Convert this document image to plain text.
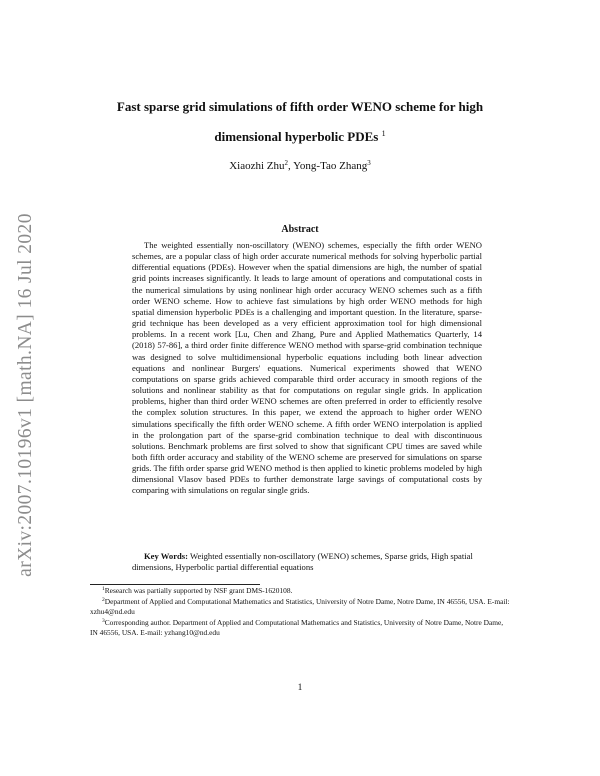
arXiv:2007.10196v1 [math.NA] 16 Jul 2020
Fast sparse grid simulations of fifth order WENO scheme for high
dimensional hyperbolic PDEs $^1$
Xiaozhi Zhu$^2$, Yong-Tao Zhang$^3$
Abstract

The weighted essentially non-oscillatory (WENO) schemes, especially the fifth order WENO schemes, are a popular class of high order accurate numerical methods for solving hyperbolic partial differential equations (PDEs). However when the spatial dimensions are high, the number of spatial grid points increases significantly. It leads to large amount of operations and computational costs in the numerical simulations by using nonlinear high order accuracy WENO schemes such as a fifth order WENO scheme. How to achieve fast simulations by high order WENO methods for high spatial dimension hyperbolic PDEs is a challenging and important question. In the literature, sparse-grid technique has been developed as a very efficient approximation tool for high dimensional problems. In a recent work [Lu, Chen and Zhang, Pure and Applied Mathematics Quarterly, 14 (2018) 57-86], a third order finite difference WENO method with sparse-grid combination technique was designed to solve multidimensional hyperbolic equations including both linear advection equations and nonlinear Burgers' equations. Numerical experiments showed that WENO computations on sparse grids achieved comparable third order accuracy in smooth regions of the solutions and nonlinear stability as that for computations on regular single grids. In application problems, higher than third order WENO schemes are often preferred in order to efficiently resolve the complex solution structures. In this paper, we extend the approach to higher order WENO simulations specifically the fifth order WENO scheme. A fifth order WENO interpolation is applied in the prolongation part of the sparse-grid combination technique to deal with discontinuous solutions. Benchmark problems are first solved to show that significant CPU times are saved while both fifth order accuracy and stability of the WENO scheme are preserved for simulations on sparse grids. The fifth order sparse grid WENO method is then applied to kinetic problems modeled by high dimensional Vlasov based PDEs to further demonstrate large savings of computational costs by comparing with simulations on regular single grids.

Key Words: Weighted essentially non-oscillatory (WENO) schemes, Sparse grids, High spatial dimensions, Hyperbolic partial differential equations

$^1$Research was partially supported by NSF grant DMS-1620108.

$^2$Department of Applied and Computational Mathematics and Statistics, University of Notre Dame, Notre Dame, IN 46556, USA. E-mail: xzhu4@nd.edu

$^3$Corresponding author. Department of Applied and Computational Mathematics and Statistics, University of Notre Dame, Notre Dame, IN 46556, USA. E-mail: yzhang10@nd.edu

1
